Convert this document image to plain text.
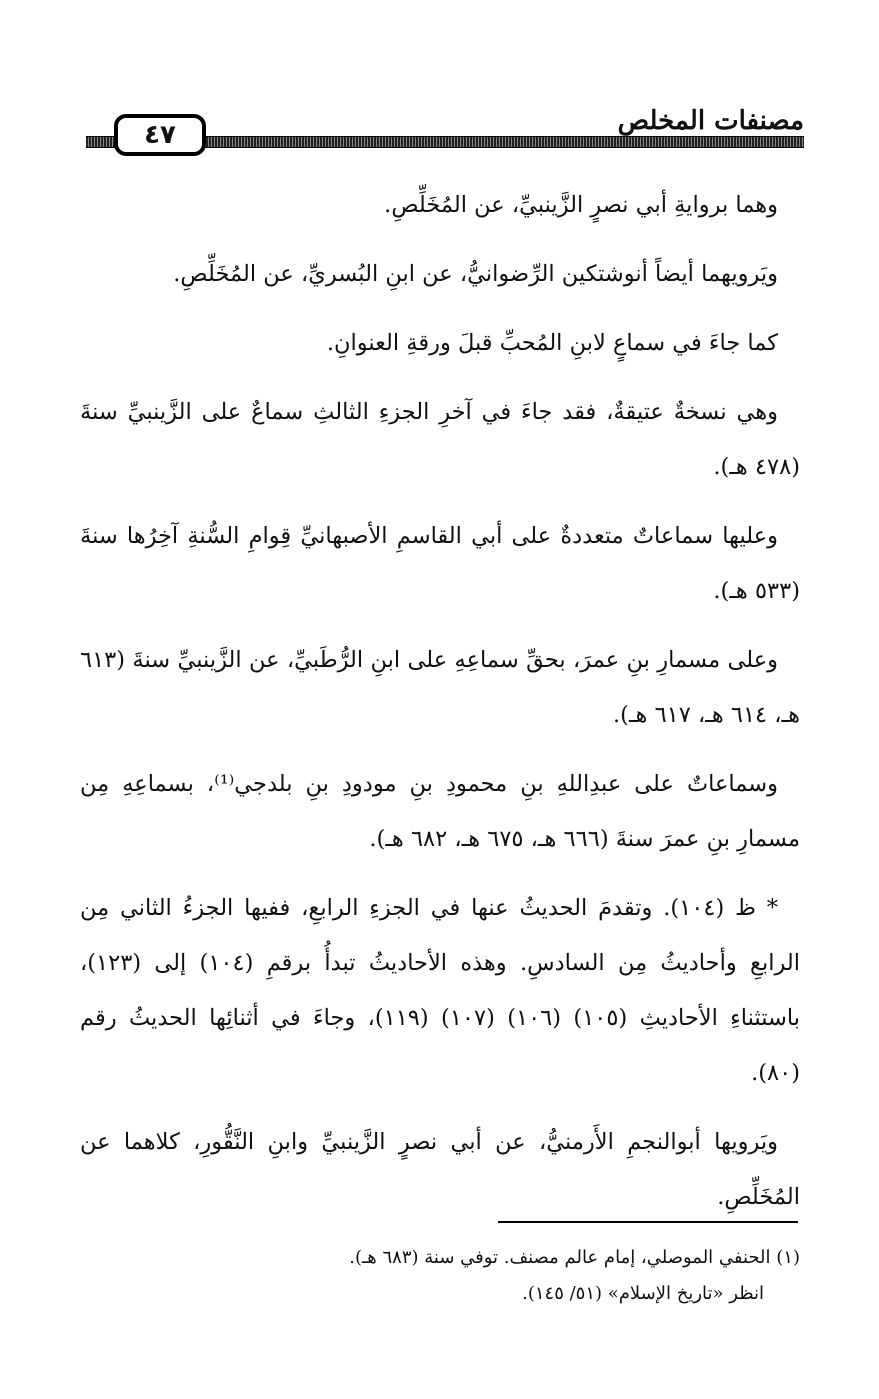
٤٧	مصنفات المخلص

وهما بروايةِ أبي نصرٍ الزَّينبيِّ، عن المُخَلِّصِ.

ويَرويهما أيضاً أنوشتكين الرِّضوانيُّ، عن ابنِ البُسريِّ، عن المُخَلِّصِ.

كما جاءَ في سماعٍ لابنِ المُحبِّ قبلَ ورقةِ العنوانِ.

وهي نسخةٌ عتيقةٌ، فقد جاءَ في آخرِ الجزءِ الثالثِ سماعٌ على الزَّينبيِّ سنةَ (٤٧٨ هـ).

وعليها سماعاتٌ متعددةٌ على أبي القاسمِ الأصبهانيِّ قِوامِ السُّنةِ آخِرُها سنةَ (٥٣٣ هـ).

وعلى مسمارِ بنِ عمرَ، بحقِّ سماعِهِ على ابنِ الرُّطَبيِّ، عن الزَّينبيِّ سنةَ (٦١٣ هـ، ٦١٤ هـ، ٦١٧ هـ).

وسماعاتٌ على عبدِاللهِ بنِ محمودِ بنِ مودودِ بنِ بلدجي⁽¹⁾، بسماعِهِ مِن مسمارِ بنِ عمرَ سنةَ (٦٦٦ هـ، ٦٧٥ هـ، ٦٨٢ هـ).

* ظ (١٠٤). وتقدمَ الحديثُ عنها في الجزءِ الرابعِ، ففيها الجزءُ الثاني مِن الرابعِ وأحاديثُ مِن السادسِ. وهذه الأحاديثُ تبدأُ برقمِ (١٠٤) إلى (١٢٣)، باستثناءِ الأحاديثِ (١٠٥) (١٠٦) (١٠٧) (١١٩)، وجاءَ في أثنائِها الحديثُ رقم (٨٠).

ويَرويها أبوالنجمِ الأَرمنيُّ، عن أبي نصرٍ الزَّينبيِّ وابنِ النَّقُّورِ، كلاهما عن المُخَلِّصِ.

(١) الحنفي الموصلي، إمام عالم مصنف. توفي سنة (٦٨٣ هـ).
انظر «تاريخ الإسلام» (٥١/ ١٤٥).
